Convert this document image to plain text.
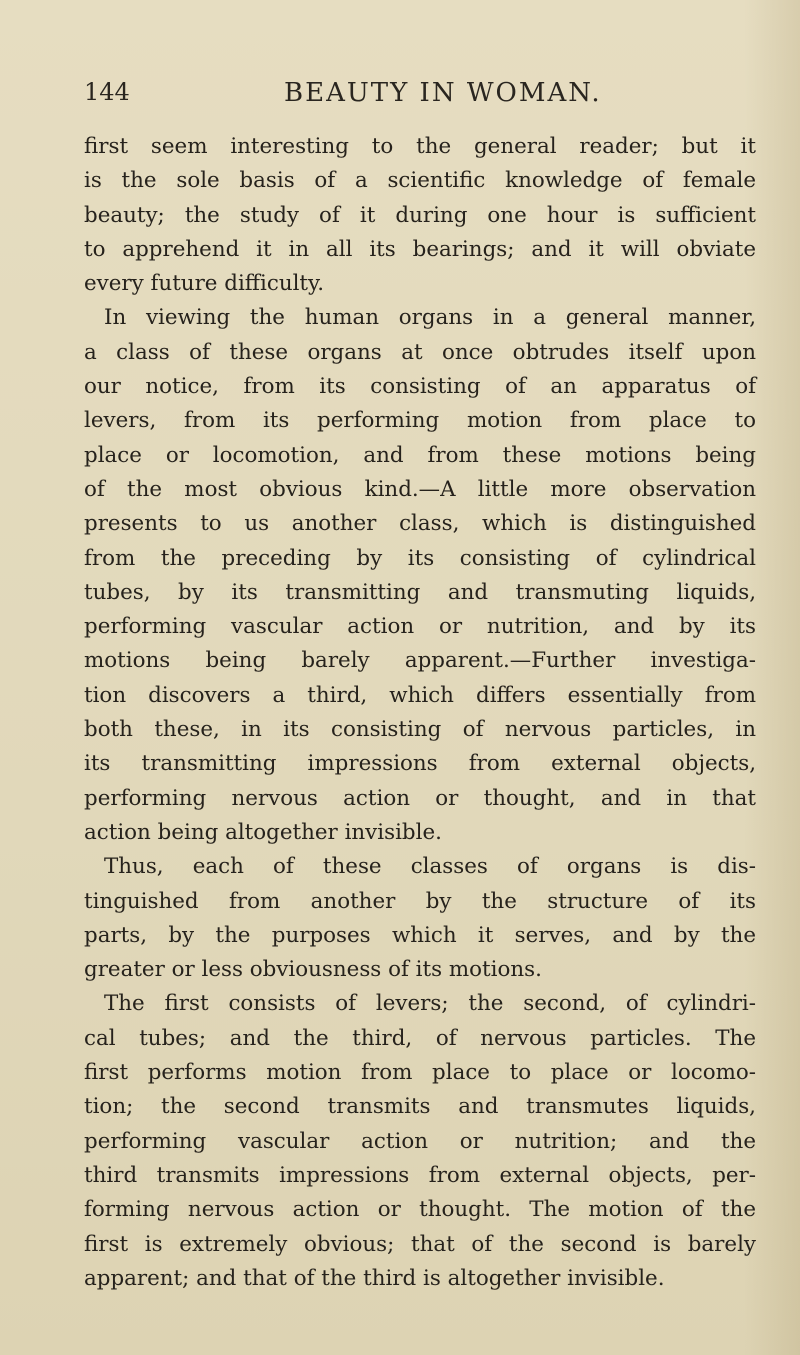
144	BEAUTY IN WOMAN.
first seem interesting to the general reader; but it
is the sole basis of a scientific knowledge of female
beauty; the study of it during one hour is sufficient
to apprehend it in all its bearings; and it will obviate
every future difficulty.
In viewing the human organs in a general manner,
a class of these organs at once obtrudes itself upon
our notice, from its consisting of an apparatus of
levers, from its performing motion from place to
place or locomotion, and from these motions being
of the most obvious kind.—A little more observation
presents to us another class, which is distinguished
from the preceding by its consisting of cylindrical
tubes, by its transmitting and transmuting liquids,
performing vascular action or nutrition, and by its
motions being barely apparent.—Further investiga-
tion discovers a third, which differs essentially from
both these, in its consisting of nervous particles, in
its transmitting impressions from external objects,
performing nervous action or thought, and in that
action being altogether invisible.
Thus, each of these classes of organs is dis-
tinguished from another by the structure of its
parts, by the purposes which it serves, and by the
greater or less obviousness of its motions.
The first consists of levers; the second, of cylindri-
cal tubes; and the third, of nervous particles. The
first performs motion from place to place or locomo-
tion; the second transmits and transmutes liquids,
performing vascular action or nutrition; and the
third transmits impressions from external objects, per-
forming nervous action or thought. The motion of the
first is extremely obvious; that of the second is barely
apparent; and that of the third is altogether invisible.
